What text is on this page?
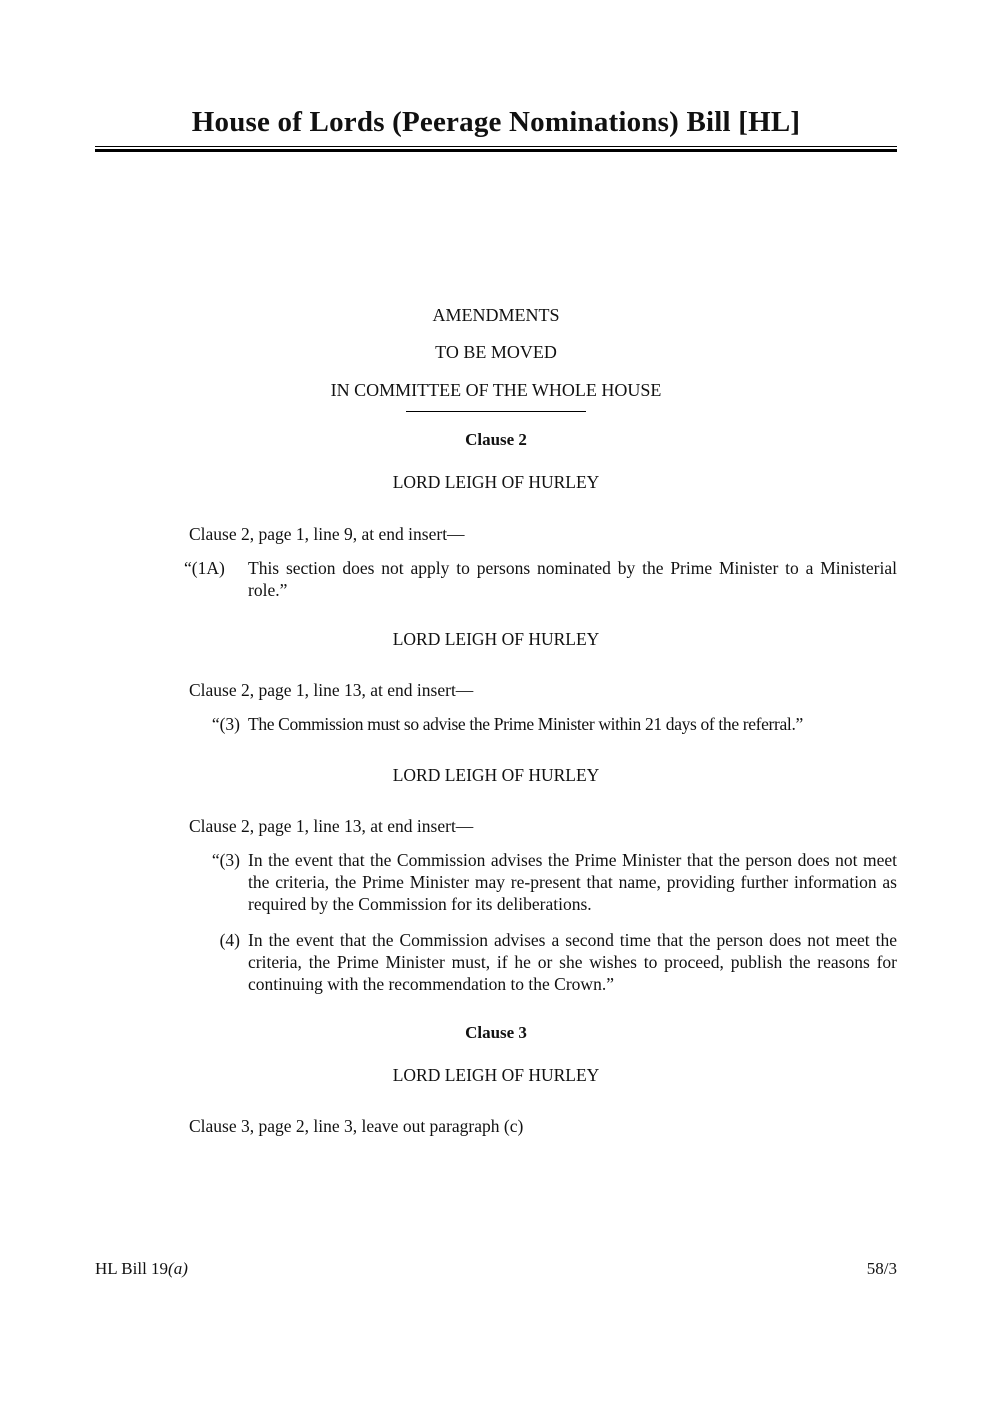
House of Lords (Peerage Nominations) Bill [HL]
AMENDMENTS
TO BE MOVED
IN COMMITTEE OF THE WHOLE HOUSE
Clause 2
LORD LEIGH OF HURLEY
Clause 2, page 1, line 9, at end insert—
“(1A)	This section does not apply to persons nominated by the Prime Minister to a Ministerial role.”
LORD LEIGH OF HURLEY
Clause 2, page 1, line 13, at end insert—
“(3) The Commission must so advise the Prime Minister within 21 days of the referral.”
LORD LEIGH OF HURLEY
Clause 2, page 1, line 13, at end insert—
“(3) In the event that the Commission advises the Prime Minister that the person does not meet the criteria, the Prime Minister may re-present that name, providing further information as required by the Commission for its deliberations.
(4) In the event that the Commission advises a second time that the person does not meet the criteria, the Prime Minister must, if he or she wishes to proceed, publish the reasons for continuing with the recommendation to the Crown.”
Clause 3
LORD LEIGH OF HURLEY
Clause 3, page 2, line 3, leave out paragraph (c)
HL Bill 19(a)	58/3
